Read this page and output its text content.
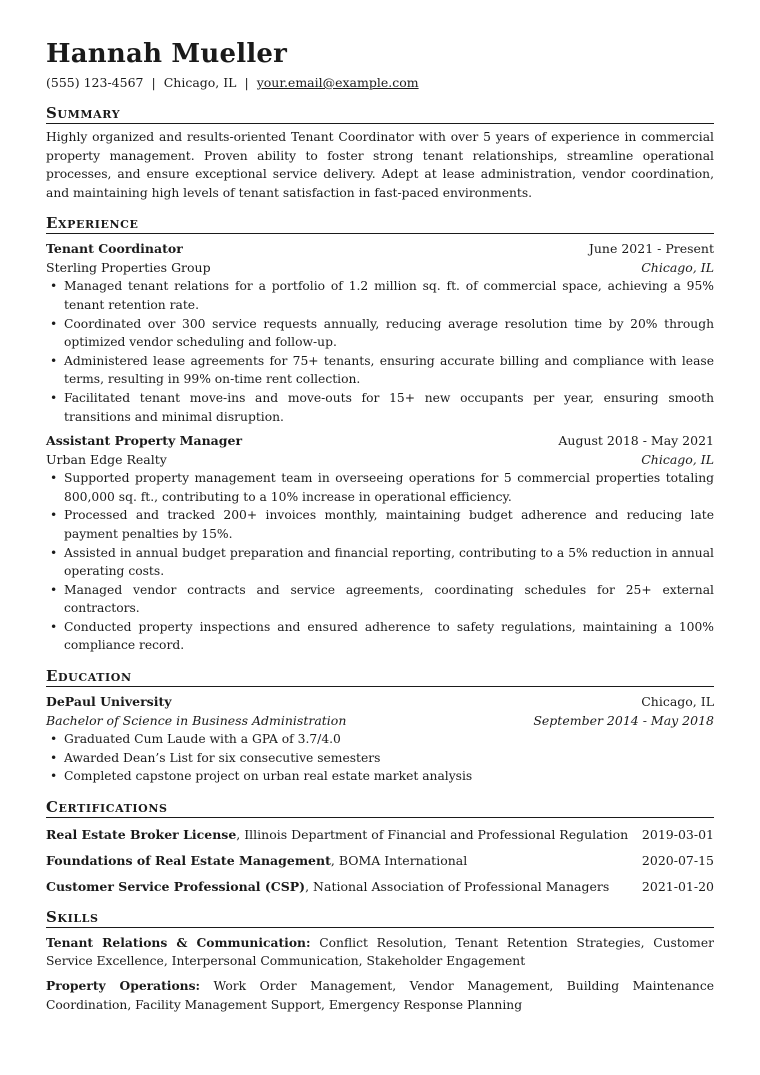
Hannah Mueller
(555) 123-4567 | Chicago, IL | your.email@example.com
Summary
Highly organized and results-oriented Tenant Coordinator with over 5 years of experience in commercial property management. Proven ability to foster strong tenant relationships, streamline operational processes, and ensure exceptional service delivery. Adept at lease administration, vendor coordination, and maintaining high levels of tenant satisfaction in fast-paced environments.
Experience
Tenant Coordinator	June 2021 - Present
Sterling Properties Group	Chicago, IL
• Managed tenant relations for a portfolio of 1.2 million sq. ft. of commercial space, achieving a 95% tenant retention rate.
• Coordinated over 300 service requests annually, reducing average resolution time by 20% through optimized vendor scheduling and follow-up.
• Administered lease agreements for 75+ tenants, ensuring accurate billing and compliance with lease terms, resulting in 99% on-time rent collection.
• Facilitated tenant move-ins and move-outs for 15+ new occupants per year, ensuring smooth transitions and minimal disruption.
Assistant Property Manager	August 2018 - May 2021
Urban Edge Realty	Chicago, IL
• Supported property management team in overseeing operations for 5 commercial properties totaling 800,000 sq. ft., contributing to a 10% increase in operational efficiency.
• Processed and tracked 200+ invoices monthly, maintaining budget adherence and reducing late payment penalties by 15%.
• Assisted in annual budget preparation and financial reporting, contributing to a 5% reduction in annual operating costs.
• Managed vendor contracts and service agreements, coordinating schedules for 25+ external contractors.
• Conducted property inspections and ensured adherence to safety regulations, maintaining a 100% compliance record.
Education
DePaul University	Chicago, IL
Bachelor of Science in Business Administration	September 2014 - May 2018
• Graduated Cum Laude with a GPA of 3.7/4.0
• Awarded Dean’s List for six consecutive semesters
• Completed capstone project on urban real estate market analysis
Certifications
Real Estate Broker License, Illinois Department of Financial and Professional Regulation 2019-03-01
Foundations of Real Estate Management, BOMA International	2020-07-15
Customer Service Professional (CSP), National Association of Professional Managers	2021-01-20
Skills
Tenant Relations & Communication: Conflict Resolution, Tenant Retention Strategies, Customer Service Excellence, Interpersonal Communication, Stakeholder Engagement
Property Operations: Work Order Management, Vendor Management, Building Maintenance Coordination, Facility Management Support, Emergency Response Planning
